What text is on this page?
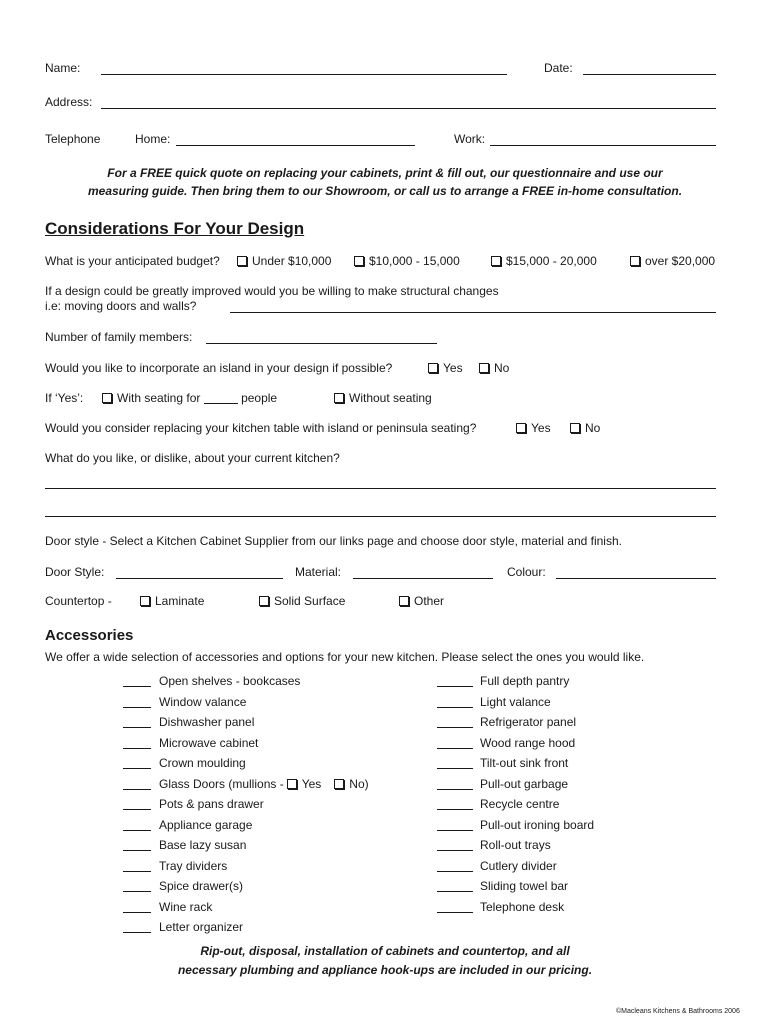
Name:	Date:
Address:
Telephone	Home:	Work:
For a FREE quick quote on replacing your cabinets, print & fill out, our questionnaire and use our
measuring guide. Then bring them to our Showroom, or call us to arrange a FREE in-home consultation.
Considerations For Your Design
What is your anticipated budget?	Under $10,000	$10,000 - 15,000	$15,000 - 20,000	over $20,000
If a design could be greatly improved would you be willing to make structural changes
i.e: moving doors and walls?
Number of family members:
Would you like to incorporate an island in your design if possible?	Yes	No
If ‘Yes’:	With seating for	people	Without seating
Would you consider replacing your kitchen table with island or peninsula seating?	Yes	No
What do you like, or dislike, about your current kitchen?
Door style - Select a Kitchen Cabinet Supplier from our links page and choose door style, material and finish.
Door Style:	Material:	Colour:
Countertop -	Laminate	Solid Surface	Other
Accessories
We offer a wide selection of accessories and options for your new kitchen. Please select the ones you would like.
Open shelves - bookcases
Window valance
Dishwasher panel
Microwave cabinet
Crown moulding
Glass Doors (mullions - Yes No)
Pots & pans drawer
Appliance garage
Base lazy susan
Tray dividers
Spice drawer(s)
Wine rack
Letter organizer
Full depth pantry
Light valance
Refrigerator panel
Wood range hood
Tilt-out sink front
Pull-out garbage
Recycle centre
Pull-out ironing board
Roll-out trays
Cutlery divider
Sliding towel bar
Telephone desk
Rip-out, disposal, installation of cabinets and countertop, and all
necessary plumbing and appliance hook-ups are included in our pricing.
©Macleans Kitchens & Bathrooms 2006
